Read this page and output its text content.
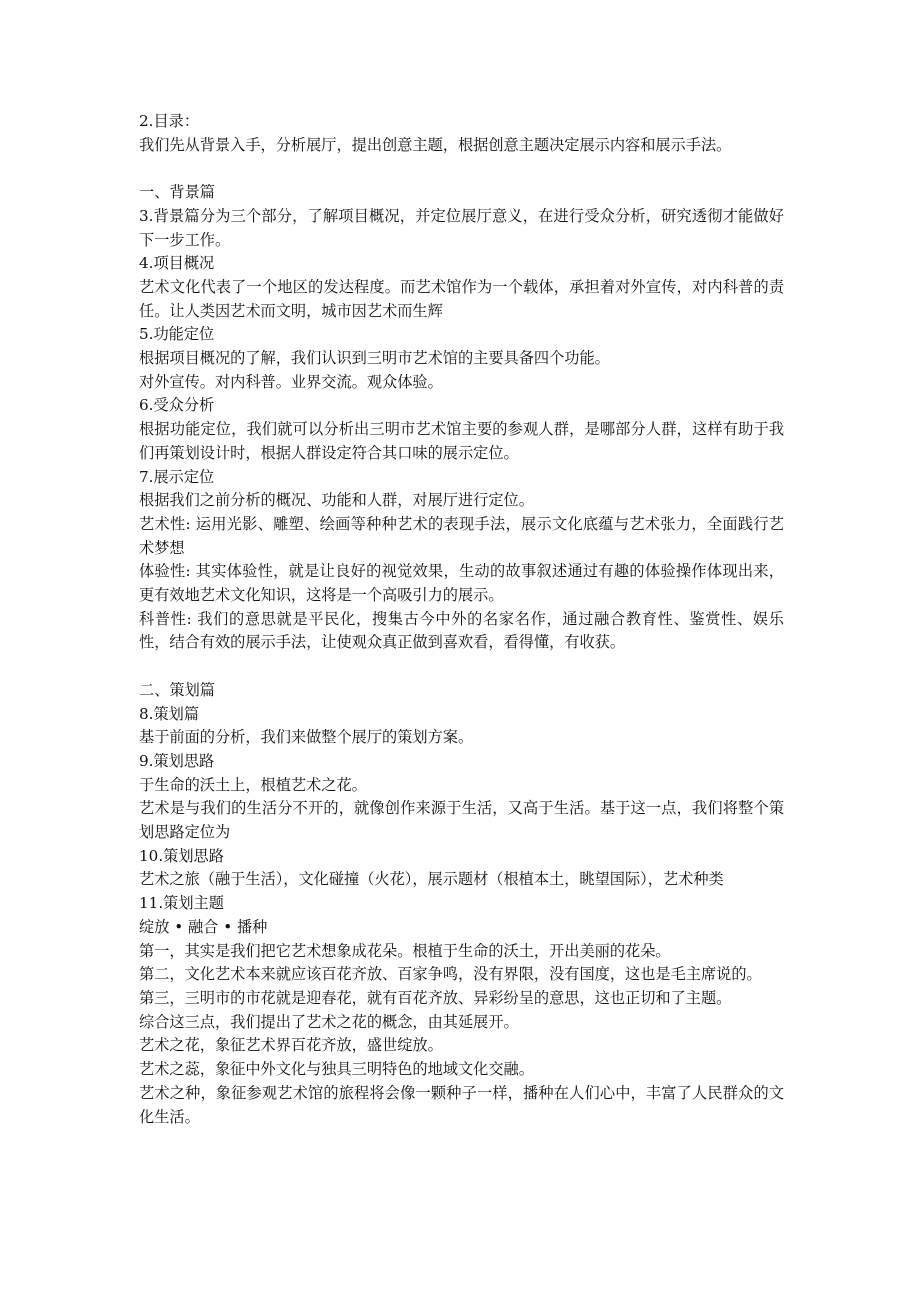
2.目录：

我们先从背景入手，分析展厅，提出创意主题，根据创意主题决定展示内容和展示手法。

一、背景篇

3.背景篇分为三个部分，了解项目概况，并定位展厅意义，在进行受众分析，研究透彻才能做好下一步工作。

4.项目概况

艺术文化代表了一个地区的发达程度。而艺术馆作为一个载体，承担着对外宣传，对内科普的责任。让人类因艺术而文明，城市因艺术而生辉

5.功能定位

根据项目概况的了解，我们认识到三明市艺术馆的主要具备四个功能。

对外宣传。对内科普。业界交流。观众体验。

6.受众分析

根据功能定位，我们就可以分析出三明市艺术馆主要的参观人群，是哪部分人群，这样有助于我们再策划设计时，根据人群设定符合其口味的展示定位。

7.展示定位

根据我们之前分析的概况、功能和人群，对展厅进行定位。

艺术性: 运用光影、雕塑、绘画等种种艺术的表现手法，展示文化底蕴与艺术张力，全面践行艺术梦想

体验性: 其实体验性，就是让良好的视觉效果，生动的故事叙述通过有趣的体验操作体现出来，更有效地艺术文化知识，这将是一个高吸引力的展示。

科普性: 我们的意思就是平民化，搜集古今中外的名家名作，通过融合教育性、鉴赏性、娱乐性，结合有效的展示手法，让使观众真正做到喜欢看，看得懂，有收获。

二、策划篇

8.策划篇

基于前面的分析，我们来做整个展厅的策划方案。

9.策划思路

于生命的沃土上，根植艺术之花。

艺术是与我们的生活分不开的，就像创作来源于生活，又高于生活。基于这一点，我们将整个策划思路定位为

10.策划思路

艺术之旅（融于生活），文化碰撞（火花），展示题材（根植本土，眺望国际），艺术种类

11.策划主题

绽放 • 融合 • 播种

第一，其实是我们把它艺术想象成花朵。根植于生命的沃土，开出美丽的花朵。

第二，文化艺术本来就应该百花齐放、百家争鸣，没有界限，没有国度，这也是毛主席说的。

第三，三明市的市花就是迎春花，就有百花齐放、异彩纷呈的意思，这也正切和了主题。

综合这三点，我们提出了艺术之花的概念，由其延展开。

艺术之花，象征艺术界百花齐放，盛世绽放。

艺术之蕊，象征中外文化与独具三明特色的地域文化交融。

艺术之种，象征参观艺术馆的旅程将会像一颗种子一样，播种在人们心中，丰富了人民群众的文化生活。
